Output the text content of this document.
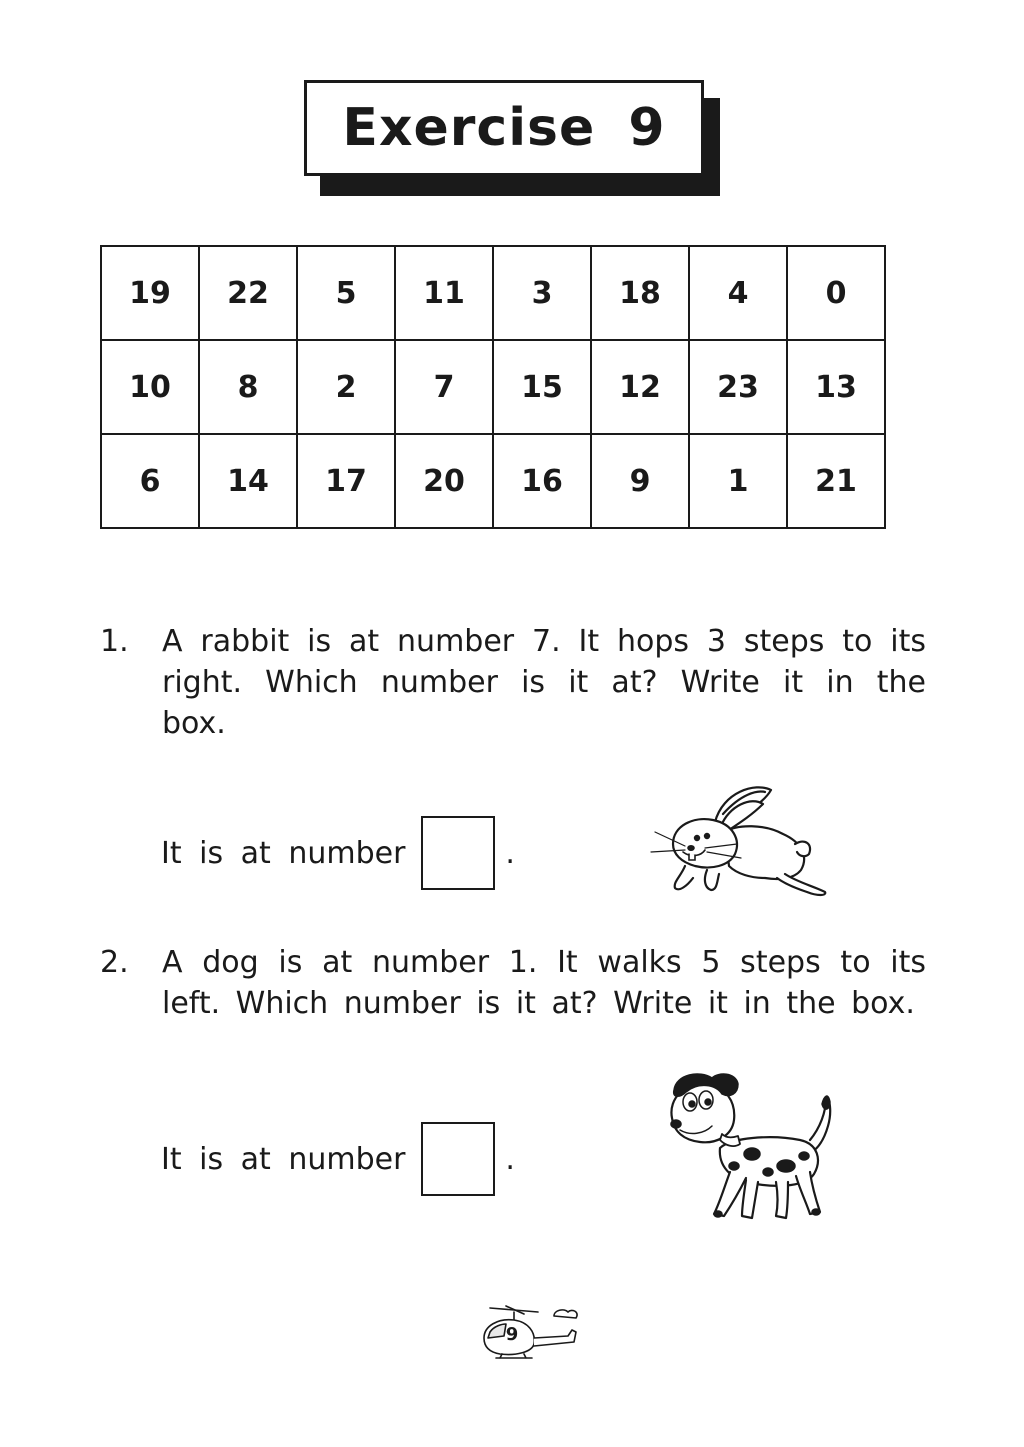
Exercise 9
19	22	5	11	3	18	4	0
10	8	2	7	15	12	23	13
6	14	17	20	16	9	1	21
1. A rabbit is at number 7. It hops 3 steps to its right. Which number is it at? Write it in the box.
It is at number	.
2. A dog is at number 1. It walks 5 steps to its left. Which number is it at? Write it in the box.
It is at number	.
9
